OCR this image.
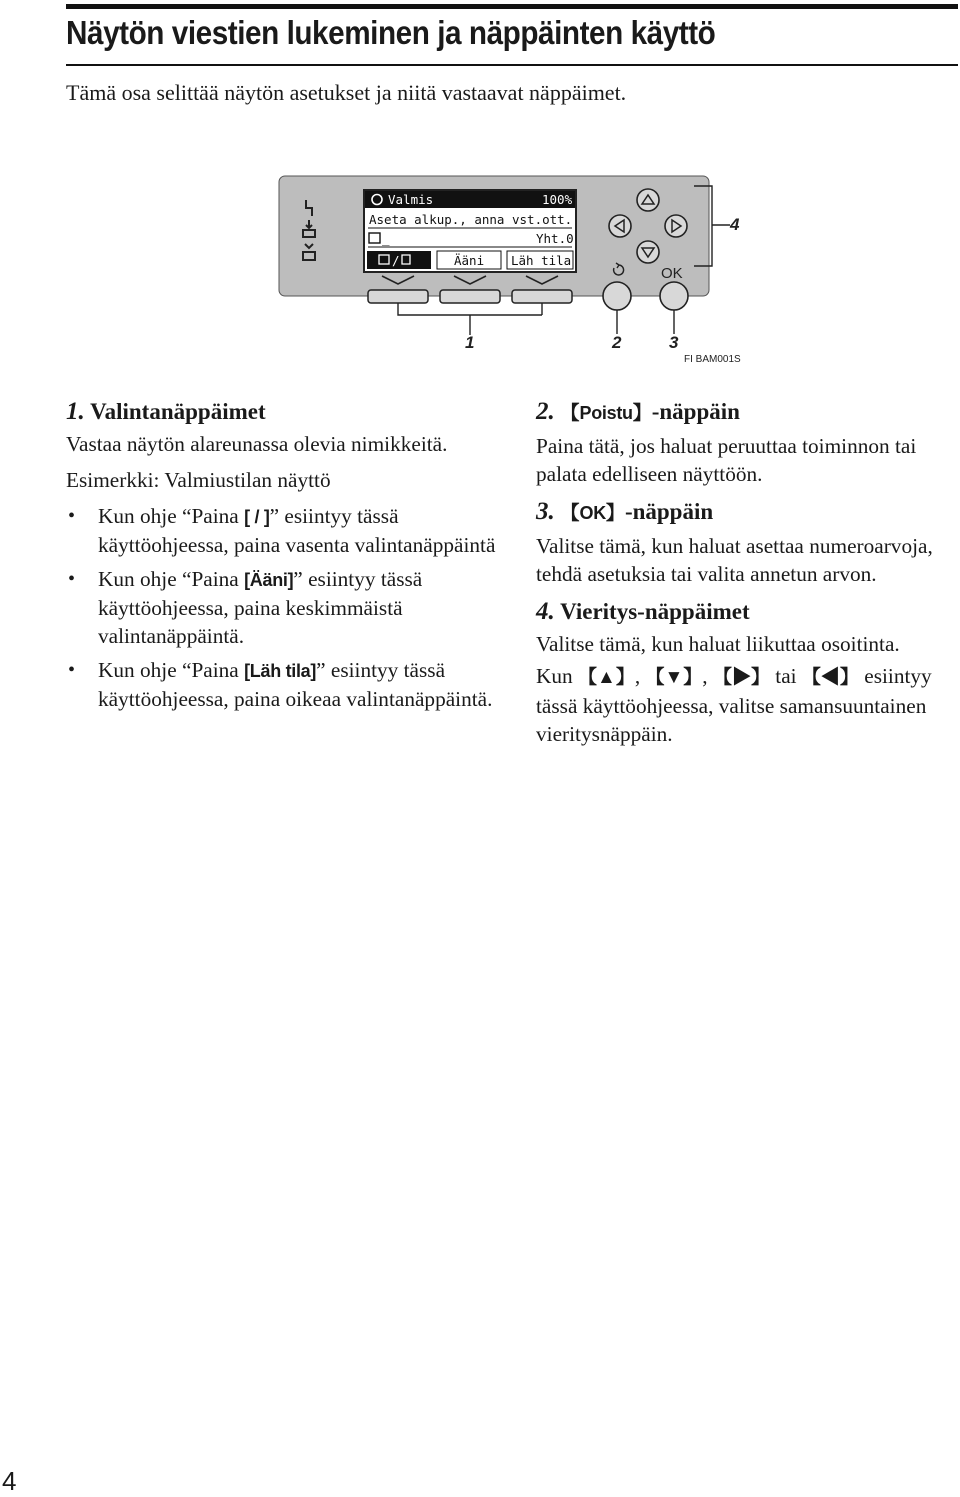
Näytön viestien lukeminen ja näppäinten käyttö

Tämä osa selittää näytön asetukset ja niitä vastaavat näppäimet.

Valmis	100%
Aseta alkup., anna vst.ott.
_	Yht.0
/	Ääni Läh tila
OK
4
1	2	3
FI BAM001S

1. Valintanäppäimet

Vastaa näytön alareunassa olevia nimikkeitä.

Esimerkki: Valmiustilan näyttö

• Kun ohje “Paina [ / ]” esiintyy tässä käyttöohjeessa, paina vasenta valintanäppäintä
• Kun ohje “Paina [Ääni]” esiintyy tässä käyttöohjeessa, paina keskimmäistä valintanäppäintä.
• Kun ohje “Paina [Läh tila]” esiintyy tässä käyttöohjeessa, paina oikeaa valintanäppäintä.

2. 【Poistu】-näppäin

Paina tätä, jos haluat peruuttaa toiminnon tai palata edelliseen näyttöön.

3. 【OK】-näppäin

Valitse tämä, kun haluat asettaa numeroarvoja, tehdä asetuksia tai valita annetun arvon.

4. Vieritys-näppäimet

Valitse tämä, kun haluat liikuttaa osoitinta.

Kun 【▲】, 【▼】, 【▶】 tai 【◀】 esiintyy tässä käyttöohjeessa, valitse samansuuntainen vieritysnäppäin.

4
